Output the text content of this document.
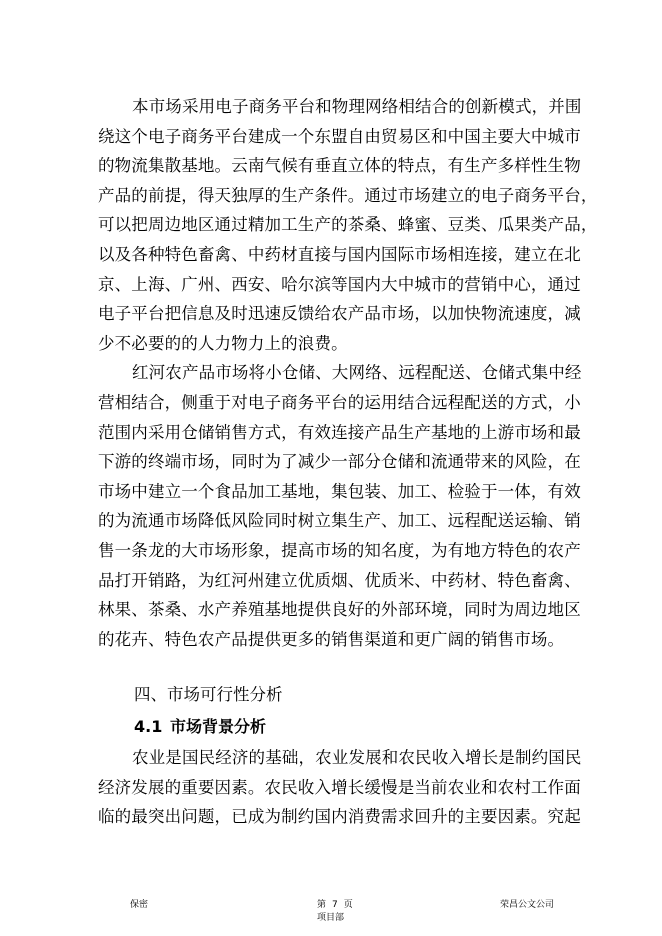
本市场采用电子商务平台和物理网络相结合的创新模式，并围
绕这个电子商务平台建成一个东盟自由贸易区和中国主要大中城市
的物流集散基地。云南气候有垂直立体的特点，有生产多样性生物
产品的前提，得天独厚的生产条件。通过市场建立的电子商务平台，
可以把周边地区通过精加工生产的茶桑、蜂蜜、豆类、瓜果类产品，
以及各种特色畜禽、中药材直接与国内国际市场相连接，建立在北
京、上海、广州、西安、哈尔滨等国内大中城市的营销中心，通过
电子平台把信息及时迅速反馈给农产品市场，以加快物流速度，减
少不必要的的人力物力上的浪费。
红河农产品市场将小仓储、大网络、远程配送、仓储式集中经
营相结合，侧重于对电子商务平台的运用结合远程配送的方式，小
范围内采用仓储销售方式，有效连接产品生产基地的上游市场和最
下游的终端市场，同时为了减少一部分仓储和流通带来的风险，在
市场中建立一个食品加工基地，集包装、加工、检验于一体，有效
的为流通市场降低风险同时树立集生产、加工、远程配送运输、销
售一条龙的大市场形象，提高市场的知名度，为有地方特色的农产
品打开销路，为红河州建立优质烟、优质米、中药材、特色畜禽、
林果、茶桑、水产养殖基地提供良好的外部环境，同时为周边地区
的花卉、特色农产品提供更多的销售渠道和更广阔的销售市场。
四、市场可行性分析
4.1 市场背景分析
农业是国民经济的基础，农业发展和农民收入增长是制约国民
经济发展的重要因素。农民收入增长缓慢是当前农业和农村工作面
临的最突出问题，已成为制约国内消费需求回升的主要因素。究起
保密	第 7 页
项目部
荣昌公文公司
